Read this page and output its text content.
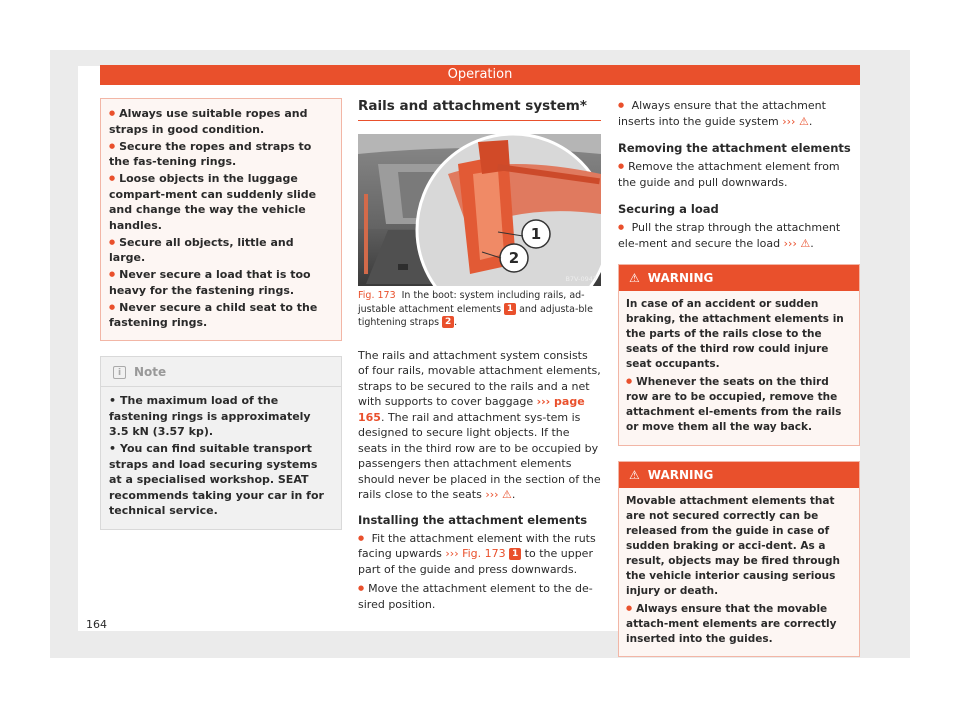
Operation
● Always use suitable ropes and straps in good condition.
● Secure the ropes and straps to the fas-tening rings.
● Loose objects in the luggage compart-ment can suddenly slide and change the way the vehicle handles.
● Secure all objects, little and large.
● Never secure a load that is too heavy for the fastening rings.
● Never secure a child seat to the fastening rings.
i	Note
• The maximum load of the fastening rings is approximately 3.5 kN (3.57 kp).
• You can find suitable transport straps and load securing systems at a specialised workshop. SEAT recommends taking your car in for technical service.
Rails and attachment system*
1
2
B7V-0947
Fig. 173 In the boot: system including rails, ad-justable attachment elements 1 and adjusta-ble tightening straps 2 .

The rails and attachment system consists of four rails, movable attachment elements, straps to be secured to the rails and a net with supports to cover baggage ››› page 165. The rail and attachment sys-tem is designed to secure light objects. If the seats in the third row are to be occupied by passengers then attachment elements should never be placed in the section of the rails close to the seats ››› ⚠.

Installing the attachment elements
● Fit the attachment element with the ruts facing upwards ››› Fig. 173 1 to the upper part of the guide and press downwards.
● Move the attachment element to the de-sired position.
● Always ensure that the attachment inserts into the guide system ››› ⚠.
Removing the attachment elements
● Remove the attachment element from the guide and pull downwards.
Securing a load
● Pull the strap through the attachment ele-ment and secure the load ››› ⚠.
⚠ WARNING

In case of an accident or sudden braking, the attachment elements in the parts of the rails close to the seats of the third row could injure seat occupants.

● Whenever the seats on the third row are to be occupied, remove the attachment el-ements from the rails or move them all the way back.
⚠ WARNING

Movable attachment elements that are not secured correctly can be released from the guide in case of sudden braking or acci-dent. As a result, objects may be fired through the vehicle interior causing serious injury or death.

● Always ensure that the movable attach-ment elements are correctly inserted into the guides.
164
